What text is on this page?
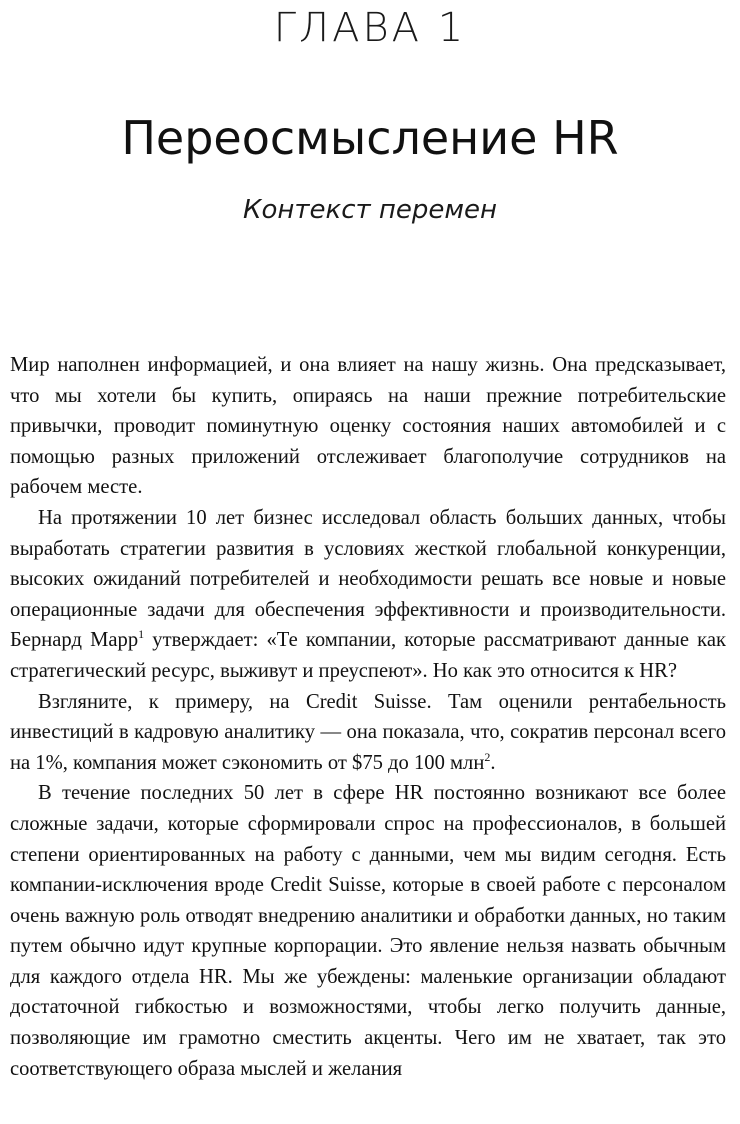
ГЛАВА 1
Переосмысление HR
Контекст перемен

Мир наполнен информацией, и она влияет на нашу жизнь. Она предсказывает, что мы хотели бы купить, опираясь на наши прежние потребительские привычки, проводит поминутную оценку состояния наших автомобилей и с помощью разных приложений отслеживает благополучие сотрудников на рабочем месте.

На протяжении 10 лет бизнес исследовал область больших данных, чтобы выработать стратегии развития в условиях жесткой глобальной конкуренции, высоких ожиданий потребителей и необходимости решать все новые и новые операционные задачи для обеспечения эффективности и производительности. Бернард Марр$^1$ утверждает: «Те компании, которые рассматривают данные как стратегический ресурс, выживут и преуспеют». Но как это относится к HR?

Взгляните, к примеру, на Credit Suisse. Там оценили рентабельность инвестиций в кадровую аналитику — она показала, что, сократив персонал всего на 1%, компания может сэкономить от $75 до 100 млн$^2$.

В течение последних 50 лет в сфере HR постоянно возникают все более сложные задачи, которые сформировали спрос на профессионалов, в большей степени ориентированных на работу с данными, чем мы видим сегодня. Есть компании-исключения вроде Credit Suisse, которые в своей работе с персоналом очень важную роль отводят внедрению аналитики и обработки данных, но таким путем обычно идут крупные корпорации. Это явление нельзя назвать обычным для каждого отдела HR. Мы же убеждены: маленькие организации обладают достаточной гибкостью и возможностями, чтобы легко получить данные, позволяющие им грамотно сместить акценты. Чего им не хватает, так это соответствующего образа мыслей и желания
